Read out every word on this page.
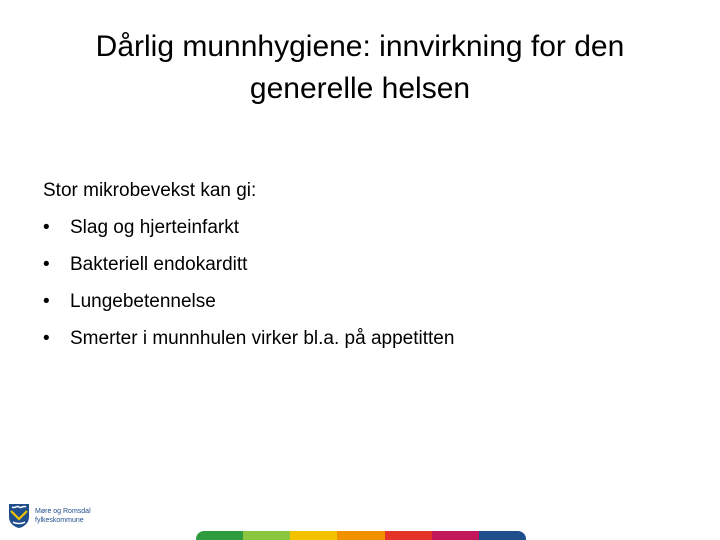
Dårlig munnhygiene: innvirkning for den
generelle helsen

Stor mikrobevekst kan gi:

•	Slag og hjerteinfarkt
•	Bakteriell endokarditt
•	Lungebetennelse
•	Smerter i munnhulen virker bl.a. på appetitten
Møre og Romsdal
fylkeskommune
